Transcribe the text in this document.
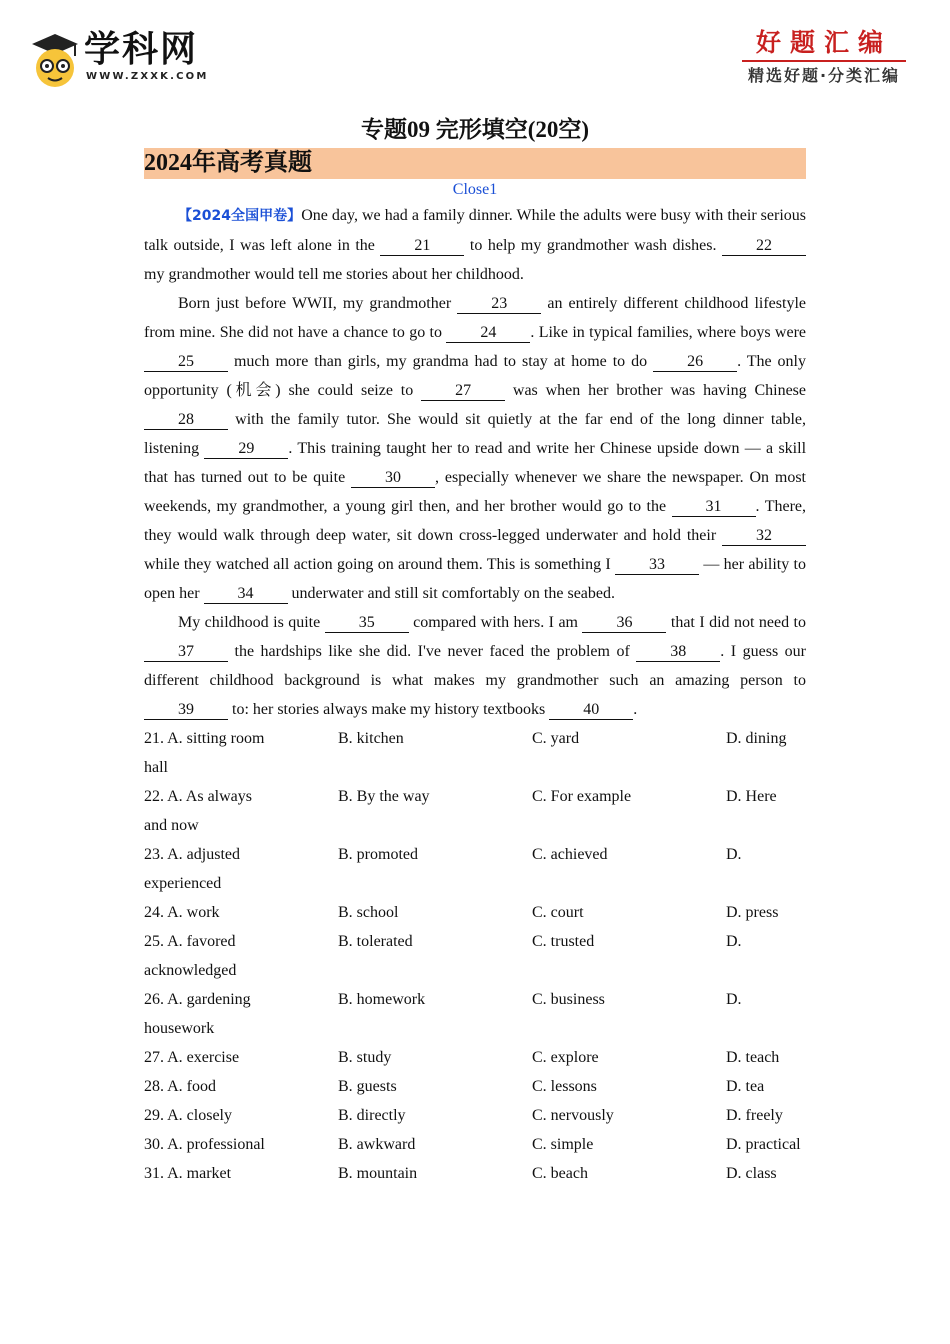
学科网
WWW.ZXXK.COM
好题汇编
精选好题·分类汇编
专题09 完形填空(20空)
2024年高考真题

Close1

【2024全国甲卷】One day, we had a family dinner. While the adults were busy with their serious talk outside, I was left alone in the 21 to help my grandmother wash dishes. 22 my grandmother would tell me stories about her childhood.

Born just before WWII, my grandmother 23 an entirely different childhood lifestyle from mine. She did not have a chance to go to 24 . Like in typical families, where boys were 25 much more than girls, my grandma had to stay at home to do 26 . The only opportunity (机会) she could seize to 27 was when her brother was having Chinese 28 with the family tutor. She would sit quietly at the far end of the long dinner table, listening 29 . This training taught her to read and write her Chinese upside down — a skill that has turned out to be quite 30 , especially whenever we share the newspaper. On most weekends, my grandmother, a young girl then, and her brother would go to the 31 . There, they would walk through deep water, sit down cross-legged underwater and hold their 32 while they watched all action going on around them. This is something I 33 — her ability to open her 34 underwater and still sit comfortably on the seabed.

My childhood is quite 35 compared with hers. I am 36 that I did not need to 37 the hardships like she did. I've never faced the problem of 38 . I guess our different childhood background is what makes my grandmother such an amazing person to 39 to: her stories always make my history textbooks 40 .

21. A. sitting room	B. kitchen	C. yard	D. dining
hall
22. A. As always	B. By the way	C. For example	D. Here
and now
23. A. adjusted	B. promoted	C. achieved	D.
experienced
24. A. work	B. school	C. court	D. press
25. A. favored	B. tolerated	C. trusted	D.
acknowledged
26. A. gardening	B. homework	C. business	D.
housework
27. A. exercise	B. study	C. explore	D. teach
28. A. food	B. guests	C. lessons	D. tea
29. A. closely	B. directly	C. nervously	D. freely
30. A. professional	B. awkward	C. simple	D. practical
31. A. market	B. mountain	C. beach	D. class
